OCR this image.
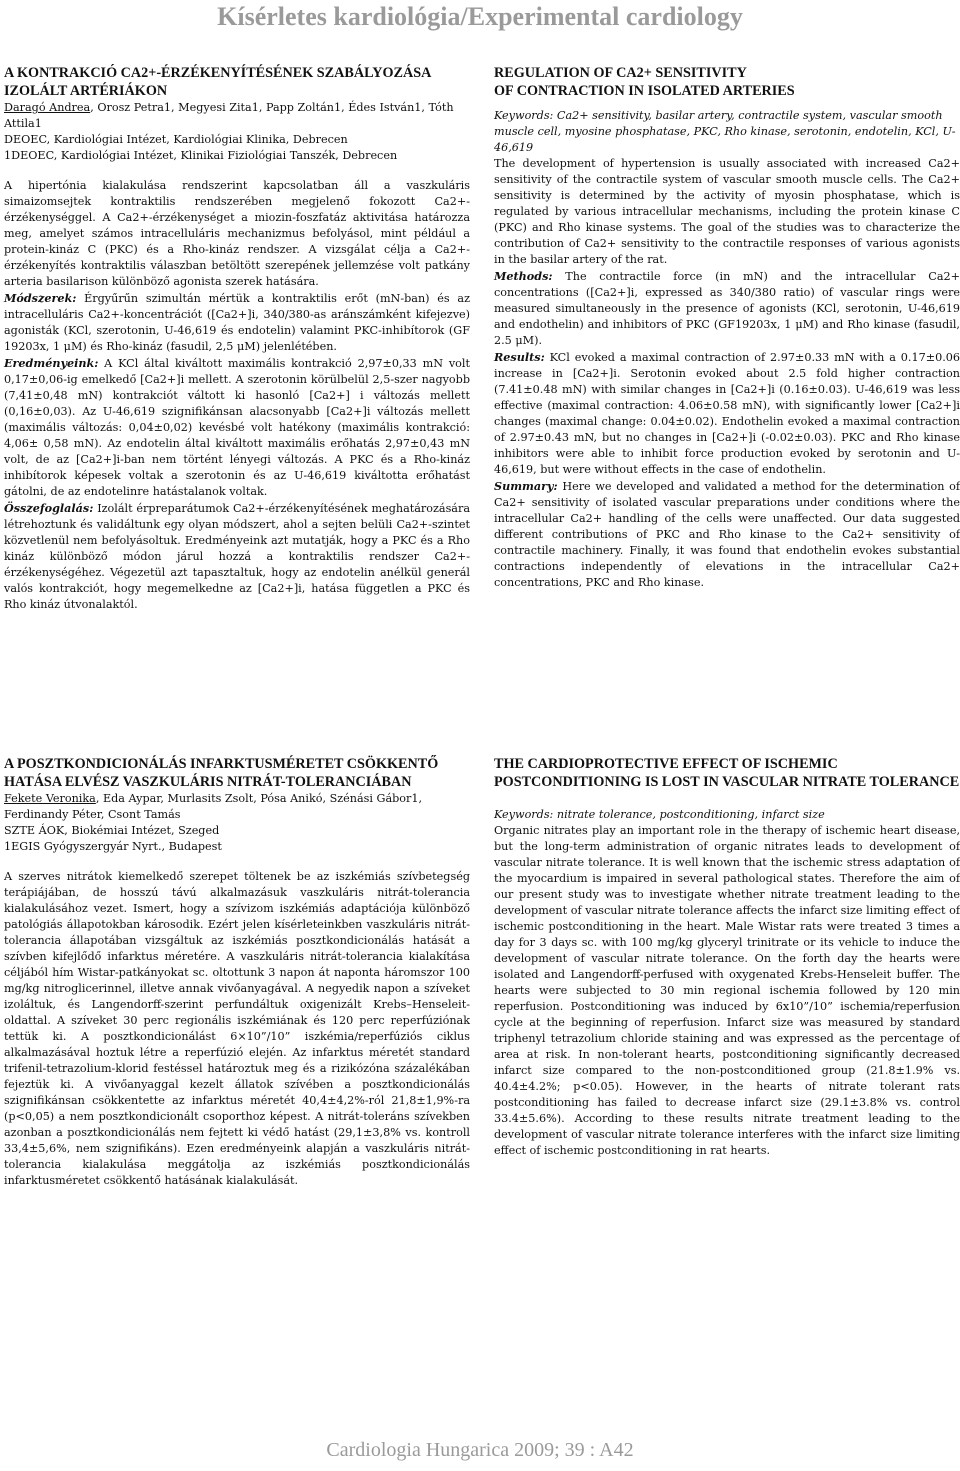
Kísérletes kardiológia/Experimental cardiology
A KONTRAKCIÓ CA2+-ÉRZÉKENYÍTÉSÉNEK SZABÁLYOZÁSA IZOLÁLT ARTÉRIÁKON
Daragó Andrea, Orosz Petra1, Megyesi Zita1, Papp Zoltán1, Édes István1, Tóth Attila1
DEOEC, Kardiológiai Intézet, Kardiológiai Klinika, Debrecen
1DEOEC, Kardiológiai Intézet, Klinikai Fiziológiai Tanszék, Debrecen

A hipertónia kialakulása rendszerint kapcsolatban áll a vaszkuláris simaizomsejtek kontraktilis rendszerében megjelenő fokozott Ca2+-érzékenységgel. A Ca2+-érzékenységet a miozin-foszfatáz aktivitása határozza meg, amelyet számos intracelluláris mechanizmus befolyásol, mint például a protein-kináz C (PKC) és a Rho-kináz rendszer. A vizsgálat célja a Ca2+-érzékenyítés kontraktilis válaszban betöltött szerepének jellemzése volt patkány arteria basilarison különböző agonista szerek hatására.

Módszerek: Érgyűrűn szimultán mértük a kontraktilis erőt (mN-ban) és az intracelluláris Ca2+-koncentrációt ([Ca2+]i, 340/380-as aránszámként kifejezve) agonisták (KCl, szerotonin, U-46,619 és endotelin) valamint PKC-inhibítorok (GF 19203x, 1 μM) és Rho-kináz (fasudil, 2,5 μM) jelenlétében.

Eredményeink: A KCl által kiváltott maximális kontrakció 2,97±0,33 mN volt 0,17±0,06-ig emelkedő [Ca2+]i mellett. A szerotonin körülbelül 2,5-szer nagyobb (7,41±0,48 mN) kontrakciót váltott ki hasonló [Ca2+] i változás mellett (0,16±0,03). Az U-46,619 szignifikánsan alacsonyabb [Ca2+]i változás mellett (maximális változás: 0,04±0,02) kevésbé volt hatékony (maximális kontrakció: 4,06± 0,58 mN). Az endotelin által kiváltott maximális erőhatás 2,97±0,43 mN volt, de az [Ca2+]i-ban nem történt lényegi változás. A PKC és a Rho-kináz inhibítorok képesek voltak a szerotonin és az U-46,619 kiváltotta erőhatást gátolni, de az endotelinre hatástalanok voltak.

Összefoglalás: Izolált érpreparátumok Ca2+-érzékenyítésének meghatározására létrehoztunk és validáltunk egy olyan módszert, ahol a sejten belüli Ca2+-szintet közvetlenül nem befolyásoltuk. Eredményeink azt mutatják, hogy a PKC és a Rho kináz különböző módon járul hozzá a kontraktilis rendszer Ca2+-érzékenységéhez. Végezetül azt tapasztaltuk, hogy az endotelin anélkül generál valós kontrakciót, hogy megemelkedne az [Ca2+]i, hatása független a PKC és Rho kináz útvonalaktól.

REGULATION OF CA2+ SENSITIVITY
OF CONTRACTION IN ISOLATED ARTERIES
Keywords: Ca2+ sensitivity, basilar artery, contractile system, vascular smooth muscle cell, myosine phosphatase, PKC, Rho kinase, serotonin, endotelin, KCl, U-46,619

The development of hypertension is usually associated with increased Ca2+ sensitivity of the contractile system of vascular smooth muscle cells. The Ca2+ sensitivity is determined by the activity of myosin phosphatase, which is regulated by various intracellular mechanisms, including the protein kinase C (PKC) and Rho kinase systems. The goal of the studies was to characterize the contribution of Ca2+ sensitivity to the contractile responses of various agonists in the basilar artery of the rat.

Methods: The contractile force (in mN) and the intracellular Ca2+ concentrations ([Ca2+]i, expressed as 340/380 ratio) of vascular rings were measured simultaneously in the presence of agonists (KCl, serotonin, U-46,619 and endothelin) and inhibitors of PKC (GF19203x, 1 μM) and Rho kinase (fasudil, 2.5 μM).

Results: KCl evoked a maximal contraction of 2.97±0.33 mN with a 0.17±0.06 increase in [Ca2+]i. Serotonin evoked about 2.5 fold higher contraction (7.41±0.48 mN) with similar changes in [Ca2+]i (0.16±0.03). U-46,619 was less effective (maximal contraction: 4.06±0.58 mN), with significantly lower [Ca2+]i changes (maximal change: 0.04±0.02). Endothelin evoked a maximal contraction of 2.97±0.43 mN, but no changes in [Ca2+]i (-0.02±0.03). PKC and Rho kinase inhibitors were able to inhibit force production evoked by serotonin and U-46,619, but were without effects in the case of endothelin.

Summary: Here we developed and validated a method for the determination of Ca2+ sensitivity of isolated vascular preparations under conditions where the intracellular Ca2+ handling of the cells were unaffected. Our data suggested different contributions of PKC and Rho kinase to the Ca2+ sensitivity of contractile machinery. Finally, it was found that endothelin evokes substantial contractions independently of elevations in the intracellular Ca2+ concentrations, PKC and Rho kinase.

A POSZTKONDICIONÁLÁS INFARKTUSMÉRETET CSÖKKENTŐ HATÁSA ELVÉSZ VASZKULÁRIS NITRÁT-TOLERANCIÁBAN
Fekete Veronika, Eda Aypar, Murlasits Zsolt, Pósa Anikó, Szénási Gábor1, Ferdinandy Péter, Csont Tamás
SZTE ÁOK, Biokémiai Intézet, Szeged
1EGIS Gyógyszergyár Nyrt., Budapest

A szerves nitrátok kiemelkedő szerepet töltenek be az iszkémiás szívbetegség terápiájában, de hosszú távú alkalmazásuk vaszkuláris nitrát-tolerancia kialakulásához vezet. Ismert, hogy a szívizom iszkémiás adaptációja különböző patológiás állapotokban károsodik. Ezért jelen kísérleteinkben vaszkuláris nitrát-tolerancia állapotában vizsgáltuk az iszkémiás posztkondicionálás hatását a szívben kifejlődő infarktus méretére. A vaszkuláris nitrát-tolerancia kialakítása céljából hím Wistar-patkányokat sc. oltottunk 3 napon át naponta háromszor 100 mg/kg nitroglicerinnel, illetve annak vivőanyagával. A negyedik napon a szíveket izoláltuk, és Langendorff-szerint perfundáltuk oxigenizált Krebs–Henseleit-oldattal. A szíveket 30 perc regionális iszkémiának és 120 perc reperfúziónak tettük ki. A posztkondicionálást 6×10”/10” iszkémia/reperfúziós ciklus alkalmazásával hoztuk létre a reperfúzió elején. Az infarktus méretét standard trifenil-tetrazolium-klorid festéssel határoztuk meg és a rizikózóna százalékában fejeztük ki. A vivőanyaggal kezelt állatok szívében a posztkondicionálás szignifikánsan csökkentette az infarktus méretét 40,4±4,2%-ról 21,8±1,9%-ra (p<0,05) a nem posztkondicionált csoporthoz képest. A nitrát-toleráns szívekben azonban a posztkondicionálás nem fejtett ki védő hatást (29,1±3,8% vs. kontroll 33,4±5,6%, nem szignifikáns). Ezen eredményeink alapján a vaszkuláris nitrát-tolerancia kialakulása meggátolja az iszkémiás posztkondicionálás infarktusméretet csökkentő hatásának kialakulását.

THE CARDIOPROTECTIVE EFFECT OF ISCHEMIC POSTCONDITIONING IS LOST IN VASCULAR NITRATE TOLERANCE
Keywords: nitrate tolerance, postconditioning, infarct size

Organic nitrates play an important role in the therapy of ischemic heart disease, but the long-term administration of organic nitrates leads to development of vascular nitrate tolerance. It is well known that the ischemic stress adaptation of the myocardium is impaired in several pathological states. Therefore the aim of our present study was to investigate whether nitrate treatment leading to the development of vascular nitrate tolerance affects the infarct size limiting effect of ischemic postconditioning in the heart. Male Wistar rats were treated 3 times a day for 3 days sc. with 100 mg/kg glyceryl trinitrate or its vehicle to induce the development of vascular nitrate tolerance. On the forth day the hearts were isolated and Langendorff-perfused with oxygenated Krebs-Henseleit buffer. The hearts were subjected to 30 min regional ischemia followed by 120 min reperfusion. Postconditioning was induced by 6x10”/10” ischemia/reperfusion cycle at the beginning of reperfusion. Infarct size was measured by standard triphenyl tetrazolium chloride staining and was expressed as the percentage of area at risk. In non-tolerant hearts, postconditioning significantly decreased infarct size compared to the non-postconditioned group (21.8±1.9% vs. 40.4±4.2%; p<0.05). However, in the hearts of nitrate tolerant rats postconditioning has failed to decrease infarct size (29.1±3.8% vs. control 33.4±5.6%). According to these results nitrate treatment leading to the development of vascular nitrate tolerance interferes with the infarct size limiting effect of ischemic postconditioning in rat hearts.

Cardiologia Hungarica 2009; 39 : A42
